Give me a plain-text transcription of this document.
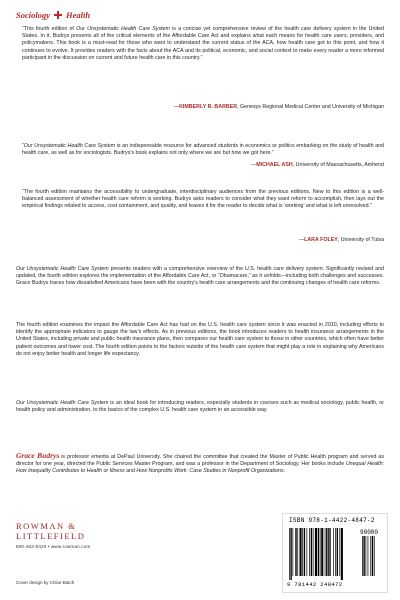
Sociology Health
“This fourth edition of Our Unsystematic Health Care System is a concise yet comprehensive review of the health care delivery system in the United States. In it, Budrys presents all of the critical elements of the Affordable Care Act and explains what each means for health care users, providers, and policymakers. This book is a must-read for those who want to understand the current status of the ACA, how health care got to this point, and how it continues to evolve. It provides readers with the facts about the ACA and its political, economic, and social context to make every reader a more informed participant in the discussion on current and future health care in this country.”
—KIMBERLY R. BARBER, Genesys Regional Medical Center and University of Michigan
“Our Unsystematic Health Care System is an indispensable resource for advanced students in economics or politics embarking on the study of health and health care, as well as for sociologists. Budrys’s book explains not only where we are but how we got here.”
—MICHAEL ASH, University of Massachusetts, Amherst
“The fourth edition maintains the accessibility to undergraduate, interdisciplinary audiences from the previous editions. New to this edition is a well-balanced assessment of whether health care reform is working. Budrys asks readers to consider what they want reform to accomplish, then lays out the empirical findings related to access, cost containment, and quality, and leaves it for the reader to decide what is ‘working’ and what is left unresolved.”
—LARA FOLEY, University of Tulsa
Our Unsystematic Health Care System presents readers with a comprehensive overview of the U.S. health care delivery system. Significantly revised and updated, the fourth edition explores the implementation of the Affordable Care Act, or “Obamacare,” as it unfolds—including both challenges and successes. Grace Budrys traces how dissatisfied Americans have been with the country’s health care arrangements and the continuing changes of health care reforms.
The fourth edition examines the impact the Affordable Care Act has had on the U.S. health care system since it was enacted in 2010, including efforts to identify the appropriate indicators to gauge the law’s effects. As in previous editions, the book introduces readers to health insurance arrangements in the United States, including private and public health insurance plans, then compares our health care system to those in other countries, which often have better patient outcomes and lower cost. The fourth edition points to the factors outside of the health care system that might play a role in explaining why Americans do not enjoy better health and longer life expectancy.
Our Unsystematic Health Care System is an ideal book for introducing readers, especially students in courses such as medical sociology, public health, or health policy and administration, to the basics of the complex U.S. health care system in an accessible way.
Grace Budrys is professor emerita at DePaul University. She chaired the committee that created the Master of Public Health program and served as director for one year, directed the Public Services Master Program, and was a professor in the Department of Sociology. Her books include Unequal Health: How Inequality Contributes to Health or Illness and How Nonprofits Work: Case Studies in Nonprofit Organizations.
ROWMAN &
LITTLEFIELD
800-462-6420 • www.rowman.com
Cover design by Chloe Batch
ISBN 978-1-4422-4847-2
90000
9 781442 248472
